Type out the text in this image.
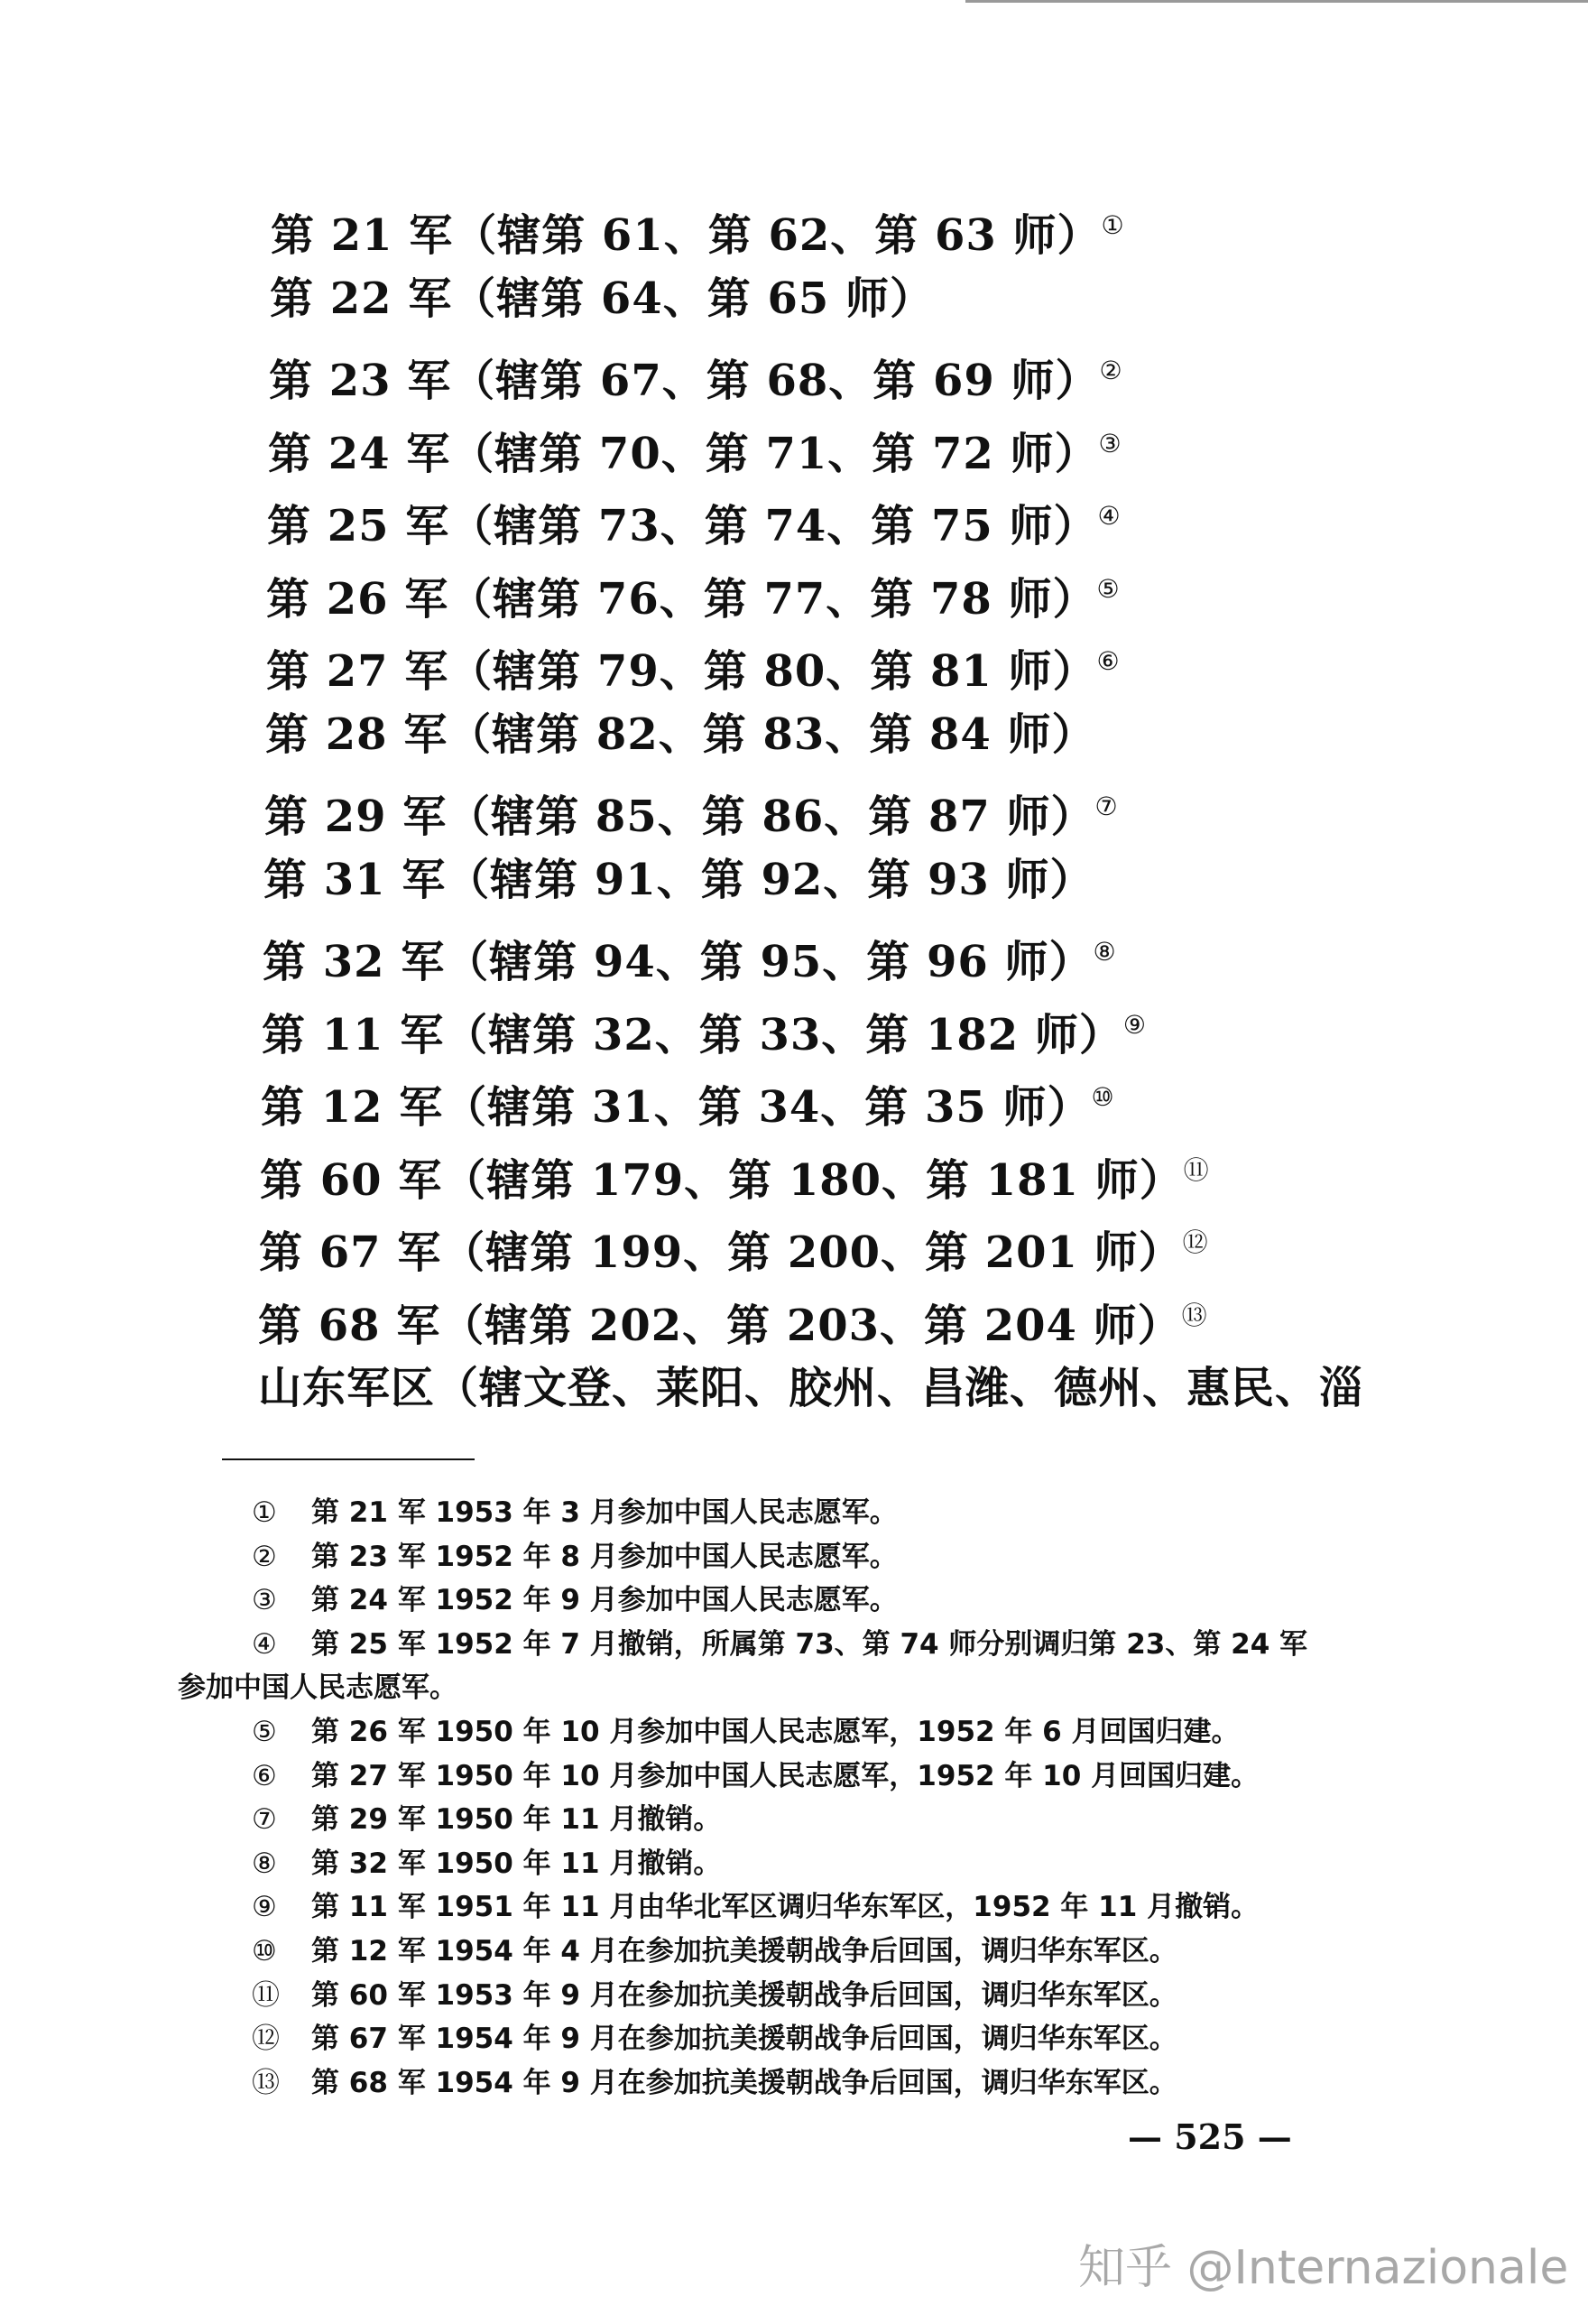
第 21 军（辖第 61、第 62、第 63 师）①
第 22 军（辖第 64、第 65 师）
第 23 军（辖第 67、第 68、第 69 师）②
第 24 军（辖第 70、第 71、第 72 师）③
第 25 军（辖第 73、第 74、第 75 师）④
第 26 军（辖第 76、第 77、第 78 师）⑤
第 27 军（辖第 79、第 80、第 81 师）⑥
第 28 军（辖第 82、第 83、第 84 师）
第 29 军（辖第 85、第 86、第 87 师）⑦
第 31 军（辖第 91、第 92、第 93 师）
第 32 军（辖第 94、第 95、第 96 师）⑧
第 11 军（辖第 32、第 33、第 182 师）⑨
第 12 军（辖第 31、第 34、第 35 师）⑩
第 60 军（辖第 179、第 180、第 181 师）⑪
第 67 军（辖第 199、第 200、第 201 师）⑫
第 68 军（辖第 202、第 203、第 204 师）⑬
山东军区（辖文登、莱阳、胶州、昌潍、德州、惠民、淄
① 第 21 军 1953 年 3 月参加中国人民志愿军。
② 第 23 军 1952 年 8 月参加中国人民志愿军。
③ 第 24 军 1952 年 9 月参加中国人民志愿军。
④ 第 25 军 1952 年 7 月撤销，所属第 73、第 74 师分别调归第 23、第 24 军
参加中国人民志愿军。
⑤ 第 26 军 1950 年 10 月参加中国人民志愿军，1952 年 6 月回国归建。
⑥ 第 27 军 1950 年 10 月参加中国人民志愿军，1952 年 10 月回国归建。
⑦ 第 29 军 1950 年 11 月撤销。
⑧ 第 32 军 1950 年 11 月撤销。
⑨ 第 11 军 1951 年 11 月由华北军区调归华东军区，1952 年 11 月撤销。
⑩ 第 12 军 1954 年 4 月在参加抗美援朝战争后回国，调归华东军区。
⑪ 第 60 军 1953 年 9 月在参加抗美援朝战争后回国，调归华东军区。
⑫ 第 67 军 1954 年 9 月在参加抗美援朝战争后回国，调归华东军区。
⑬ 第 68 军 1954 年 9 月在参加抗美援朝战争后回国，调归华东军区。
— 525 —
知乎 @Internazionale
